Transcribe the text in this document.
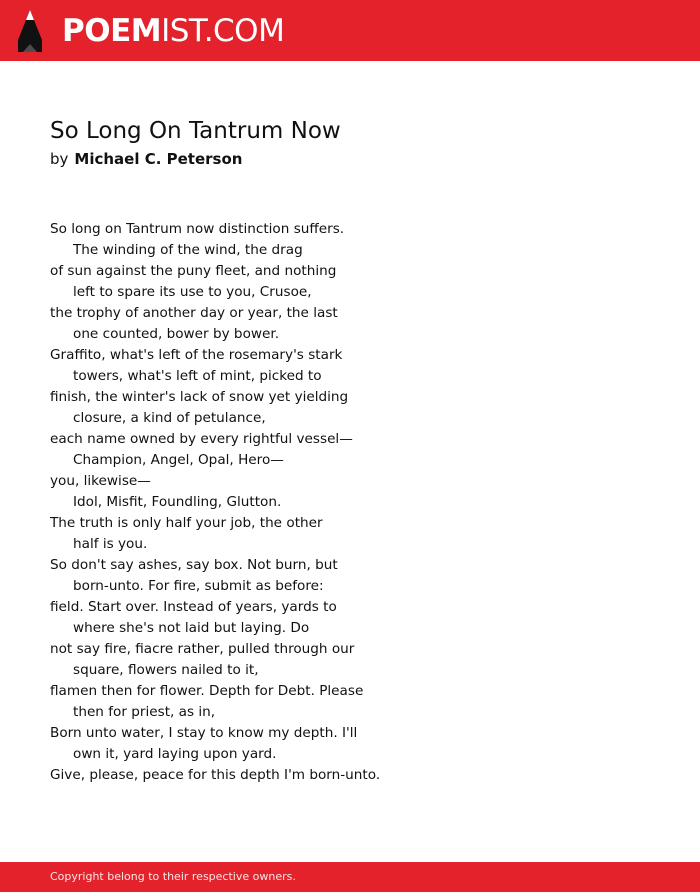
POEMIST.COM
So Long On Tantrum Now
by Michael C. Peterson
So long on Tantrum now distinction suffers.
The winding of the wind, the drag
of sun against the puny fleet, and nothing
left to spare its use to you, Crusoe,
the trophy of another day or year, the last
one counted, bower by bower.
Graffito, what's left of the rosemary's stark
towers, what's left of mint, picked to
finish, the winter's lack of snow yet yielding
closure, a kind of petulance,
each name owned by every rightful vessel—
Champion, Angel, Opal, Hero—
you, likewise—
Idol, Misfit, Foundling, Glutton.
The truth is only half your job, the other
half is you.
So don't say ashes, say box. Not burn, but
born-unto. For fire, submit as before:
field. Start over. Instead of years, yards to
where she's not laid but laying. Do
not say fire, fiacre rather, pulled through our
square, flowers nailed to it,
flamen then for flower. Depth for Debt. Please
then for priest, as in,
Born unto water, I stay to know my depth. I'll
own it, yard laying upon yard.
Give, please, peace for this depth I'm born-unto.
Copyright belong to their respective owners.
